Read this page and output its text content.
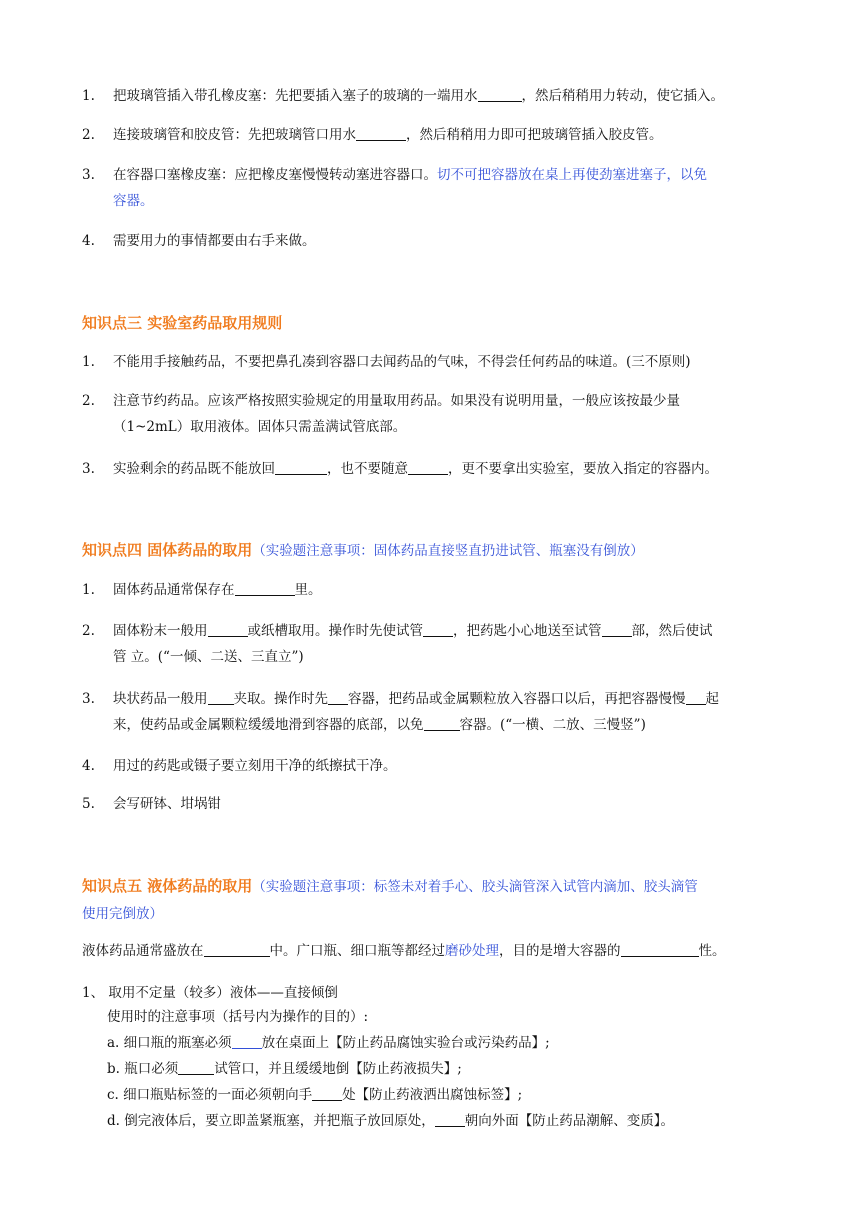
1.	把玻璃管插入带孔橡皮塞：先把要插入塞子的玻璃的一端用水	，然后稍稍用力转动，使它插入。
2.	连接玻璃管和胶皮管：先把玻璃管口用水	，然后稍稍用力即可把玻璃管插入胶皮管。
3.	在容器口塞橡皮塞：应把橡皮塞慢慢转动塞进容器口。切不可把容器放在桌上再使劲塞进塞子，以免
容器。
4.	需要用力的事情都要由右手来做。
知识点三 实验室药品取用规则
1.	不能用手接触药品，不要把鼻孔凑到容器口去闻药品的气味，不得尝任何药品的味道。(三不原则)
2.	注意节约药品。应该严格按照实验规定的用量取用药品。如果没有说明用量，一般应该按最少量
（1~2mL）取用液体。固体只需盖满试管底部。
3.	实验剩余的药品既不能放回	，也不要随意	，更不要拿出实验室，要放入指定的容器内。
知识点四 固体药品的取用（实验题注意事项：固体药品直接竖直扔进试管、瓶塞没有倒放）
1.	固体药品通常保存在	里。
2.	固体粉末一般用	或纸槽取用。操作时先使试管 ，把药匙小心地送至试管 部，然后使试
管 立。(“一倾、二送、三直立”)
3.	块状药品一般用 夹取。操作时先 容器，把药品或金属颗粒放入容器口以后，再把容器慢慢 起
来，使药品或金属颗粒缓缓地滑到容器的底部，以免	容器。(“一横、二放、三慢竖”)
4.	用过的药匙或镊子要立刻用干净的纸擦拭干净。
5.	会写研钵、坩埚钳
知识点五 液体药品的取用（实验题注意事项：标签未对着手心、胶头滴管深入试管内滴加、胶头滴管
使用完倒放）
液体药品通常盛放在	中。广口瓶、细口瓶等都经过磨砂处理，目的是增大容器的	性。
1、 取用不定量（较多）液体——直接倾倒
使用时的注意事项（括号内为操作的目的）:
a. 细口瓶的瓶塞必须 放在桌面上【防止药品腐蚀实验台或污染药品】;
b. 瓶口必须	试管口，并且缓缓地倒【防止药液损失】;
c. 细口瓶贴标签的一面必须朝向手 处【防止药液洒出腐蚀标签】;
d. 倒完液体后，要立即盖紧瓶塞，并把瓶子放回原处， 朝向外面【防止药品潮解、变质】。
